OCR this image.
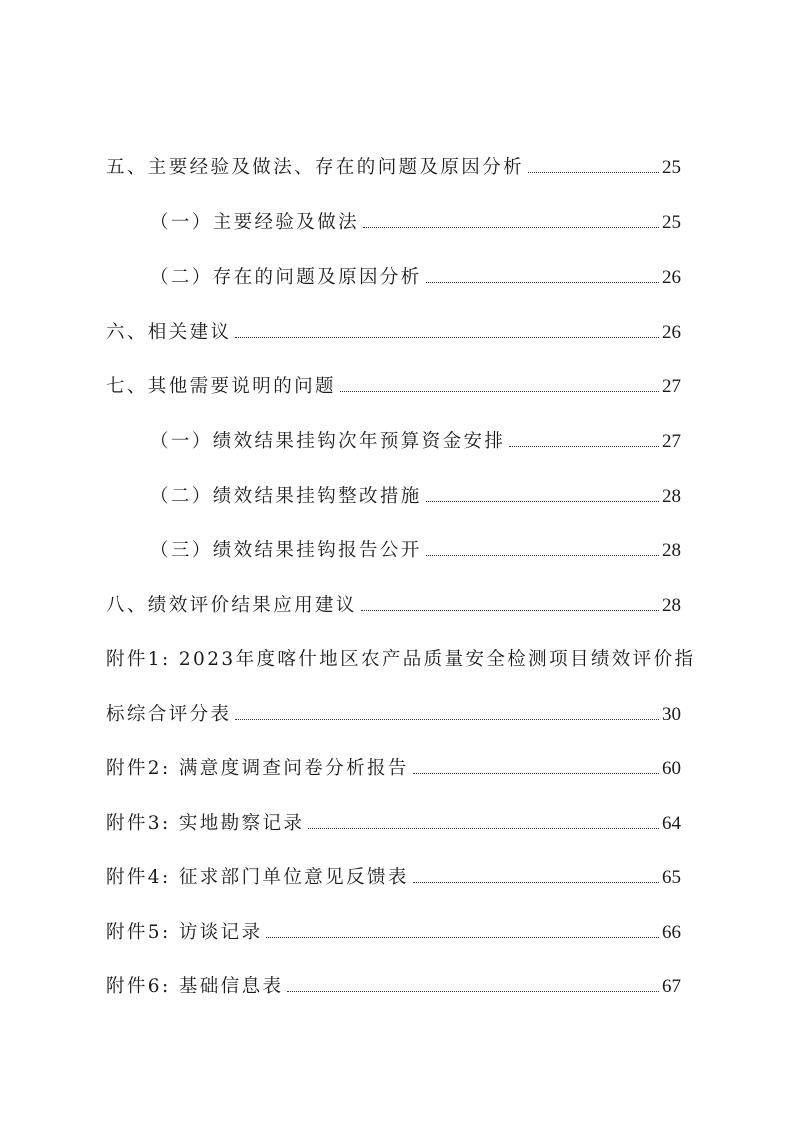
五、主要经验及做法、存在的问题及原因分析	25
（一）主要经验及做法	25
（二）存在的问题及原因分析	26
六、相关建议	26
七、其他需要说明的问题	27
（一）绩效结果挂钩次年预算资金安排	27
（二）绩效结果挂钩整改措施	28
（三）绩效结果挂钩报告公开	28
八、绩效评价结果应用建议	28
附件1: 2023年度喀什地区农产品质量安全检测项目绩效评价指
标综合评分表	30
附件2: 满意度调查问卷分析报告	60
附件3: 实地勘察记录	64
附件4: 征求部门单位意见反馈表	65
附件5: 访谈记录	66
附件6: 基础信息表	67
